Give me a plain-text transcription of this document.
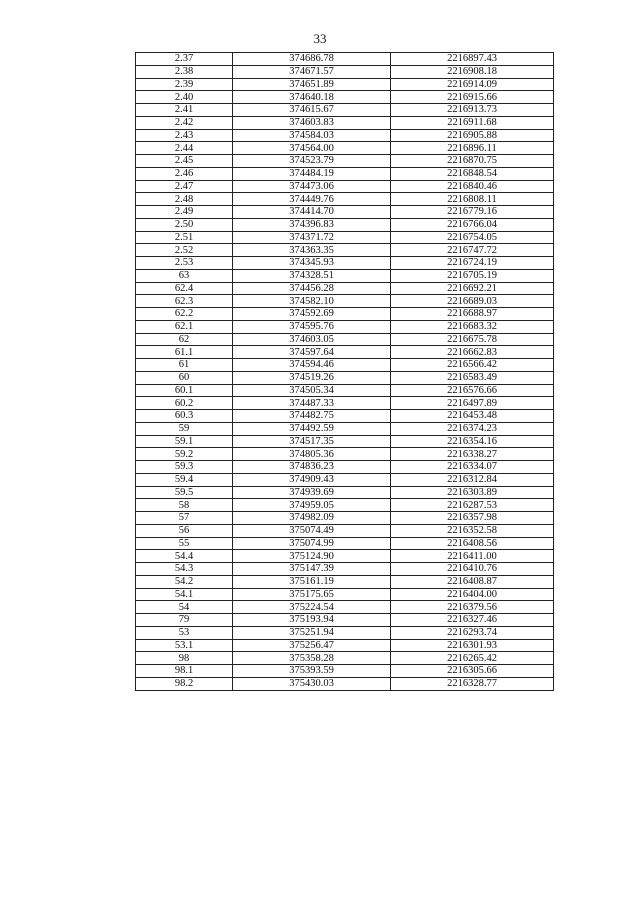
33
2.37	374686.78	2216897.43
2.38	374671.57	2216908.18
2.39	374651.89	2216914.09
2.40	374640.18	2216915.66
2.41	374615.67	2216913.73
2.42	374603.83	2216911.68
2.43	374584.03	2216905.88
2.44	374564.00	2216896.11
2.45	374523.79	2216870.75
2.46	374484.19	2216848.54
2.47	374473.06	2216840.46
2.48	374449.76	2216808.11
2.49	374414.70	2216779.16
2.50	374396.83	2216766.04
2.51	374371.72	2216754.05
2.52	374363.35	2216747.72
2.53	374345.93	2216724.19
63	374328.51	2216705.19
62.4	374456.28	2216692.21
62.3	374582.10	2216689.03
62.2	374592.69	2216688.97
62.1	374595.76	2216683.32
62	374603.05	2216675.78
61.1	374597.64	2216662.83
61	374594.46	2216566.42
60	374519.26	2216583.49
60.1	374505.34	2216576.66
60.2	374487.33	2216497.89
60.3	374482.75	2216453.48
59	374492.59	2216374.23
59.1	374517.35	2216354.16
59.2	374805.36	2216338.27
59.3	374836.23	2216334.07
59.4	374909.43	2216312.84
59.5	374939.69	2216303.89
58	374959.05	2216287.53
57	374982.09	2216357.98
56	375074.49	2216352.58
55	375074.99	2216408.56
54.4	375124.90	2216411.00
54.3	375147.39	2216410.76
54.2	375161.19	2216408.87
54.1	375175.65	2216404.00
54	375224.54	2216379.56
79	375193.94	2216327.46
53	375251.94	2216293.74
53.1	375256.47	2216301.93
98	375358.28	2216265.42
98.1	375393.59	2216305.66
98.2	375430.03	2216328.77
